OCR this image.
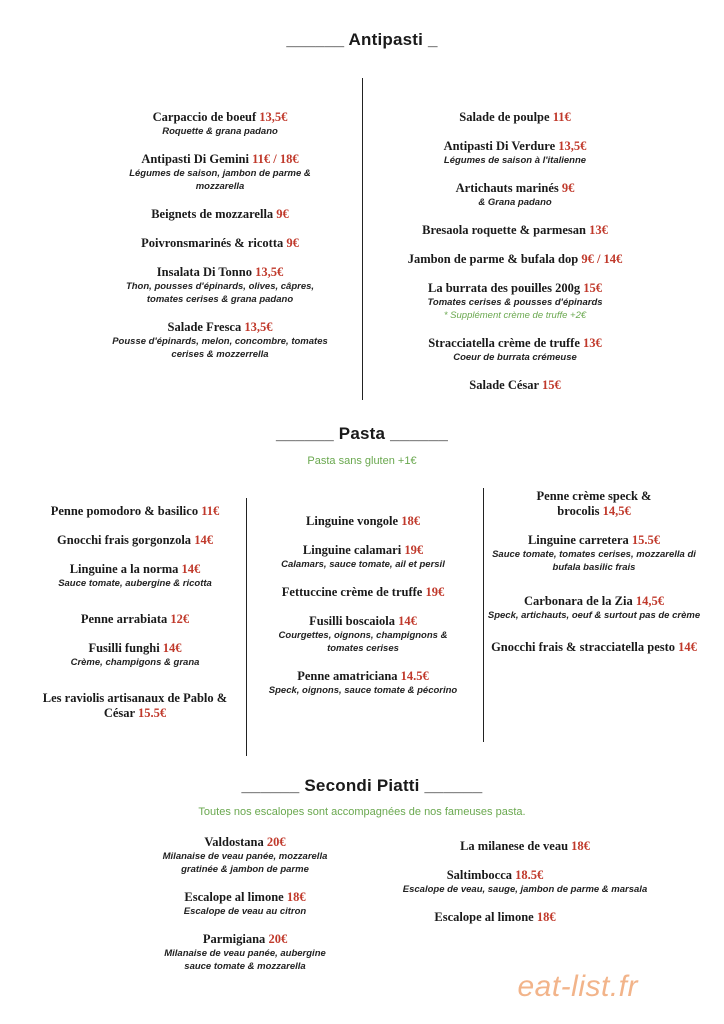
______ Antipasti _
Carpaccio de boeuf 13,5€
Roquette & grana padano
Antipasti Di Gemini 11€ / 18€
Légumes de saison, jambon de parme & mozzarella
Beignets de mozzarella 9€
Poivronsmarinés & ricotta 9€
Insalata Di Tonno 13,5€
Thon, pousses d'épinards, olives, câpres, tomates cerises & grana padano
Salade Fresca 13,5€
Pousse d'épinards, melon, concombre, tomates cerises & mozzerrella
Salade de poulpe 11€
Antipasti Di Verdure 13,5€
Légumes de saison à l'italienne
Artichauts marinés 9€
& Grana padano
Bresaola roquette & parmesan 13€
Jambon de parme & bufala dop 9€ / 14€
La burrata des pouilles 200g 15€
Tomates cerises & pousses d'épinards
* Supplément crème de truffe +2€
Stracciatella crème de truffe 13€
Coeur de burrata crémeuse
Salade César 15€
______ Pasta ______
Pasta sans gluten +1€
Penne pomodoro & basilico 11€
Gnocchi frais gorgonzola 14€
Linguine a la norma 14€
Sauce tomate, aubergine & ricotta
Penne arrabiata 12€
Fusilli funghi 14€
Crème, champigons & grana
Les raviolis artisanaux de Pablo & César 15.5€
Linguine vongole 18€
Linguine calamari 19€
Calamars, sauce tomate, ail et persil
Fettuccine crème de truffe 19€
Fusilli boscaiola 14€
Courgettes, oignons, champignons & tomates cerises
Penne amatriciana 14.5€
Speck, oignons, sauce tomate & pécorino
Penne crème speck & brocolis 14,5€
Linguine carretera 15.5€
Sauce tomate, tomates cerises, mozzarella di bufala basilic frais
Carbonara de la Zia 14,5€
Speck, artichauts, oeuf & surtout pas de crème
Gnocchi frais & stracciatella pesto 14€
______ Secondi Piatti ______
Toutes nos escalopes sont accompagnées de nos fameuses pasta.
Valdostana 20€
Milanaise de veau panée, mozzarella gratinée & jambon de parme
Escalope al limone 18€
Escalope de veau au citron
Parmigiana 20€
Milanaise de veau panée, aubergine sauce tomate & mozzarella
La milanese de veau 18€
Saltimbocca 18.5€
Escalope de veau, sauge, jambon de parme & marsala
Escalope al limone 18€
eat-list.fr
